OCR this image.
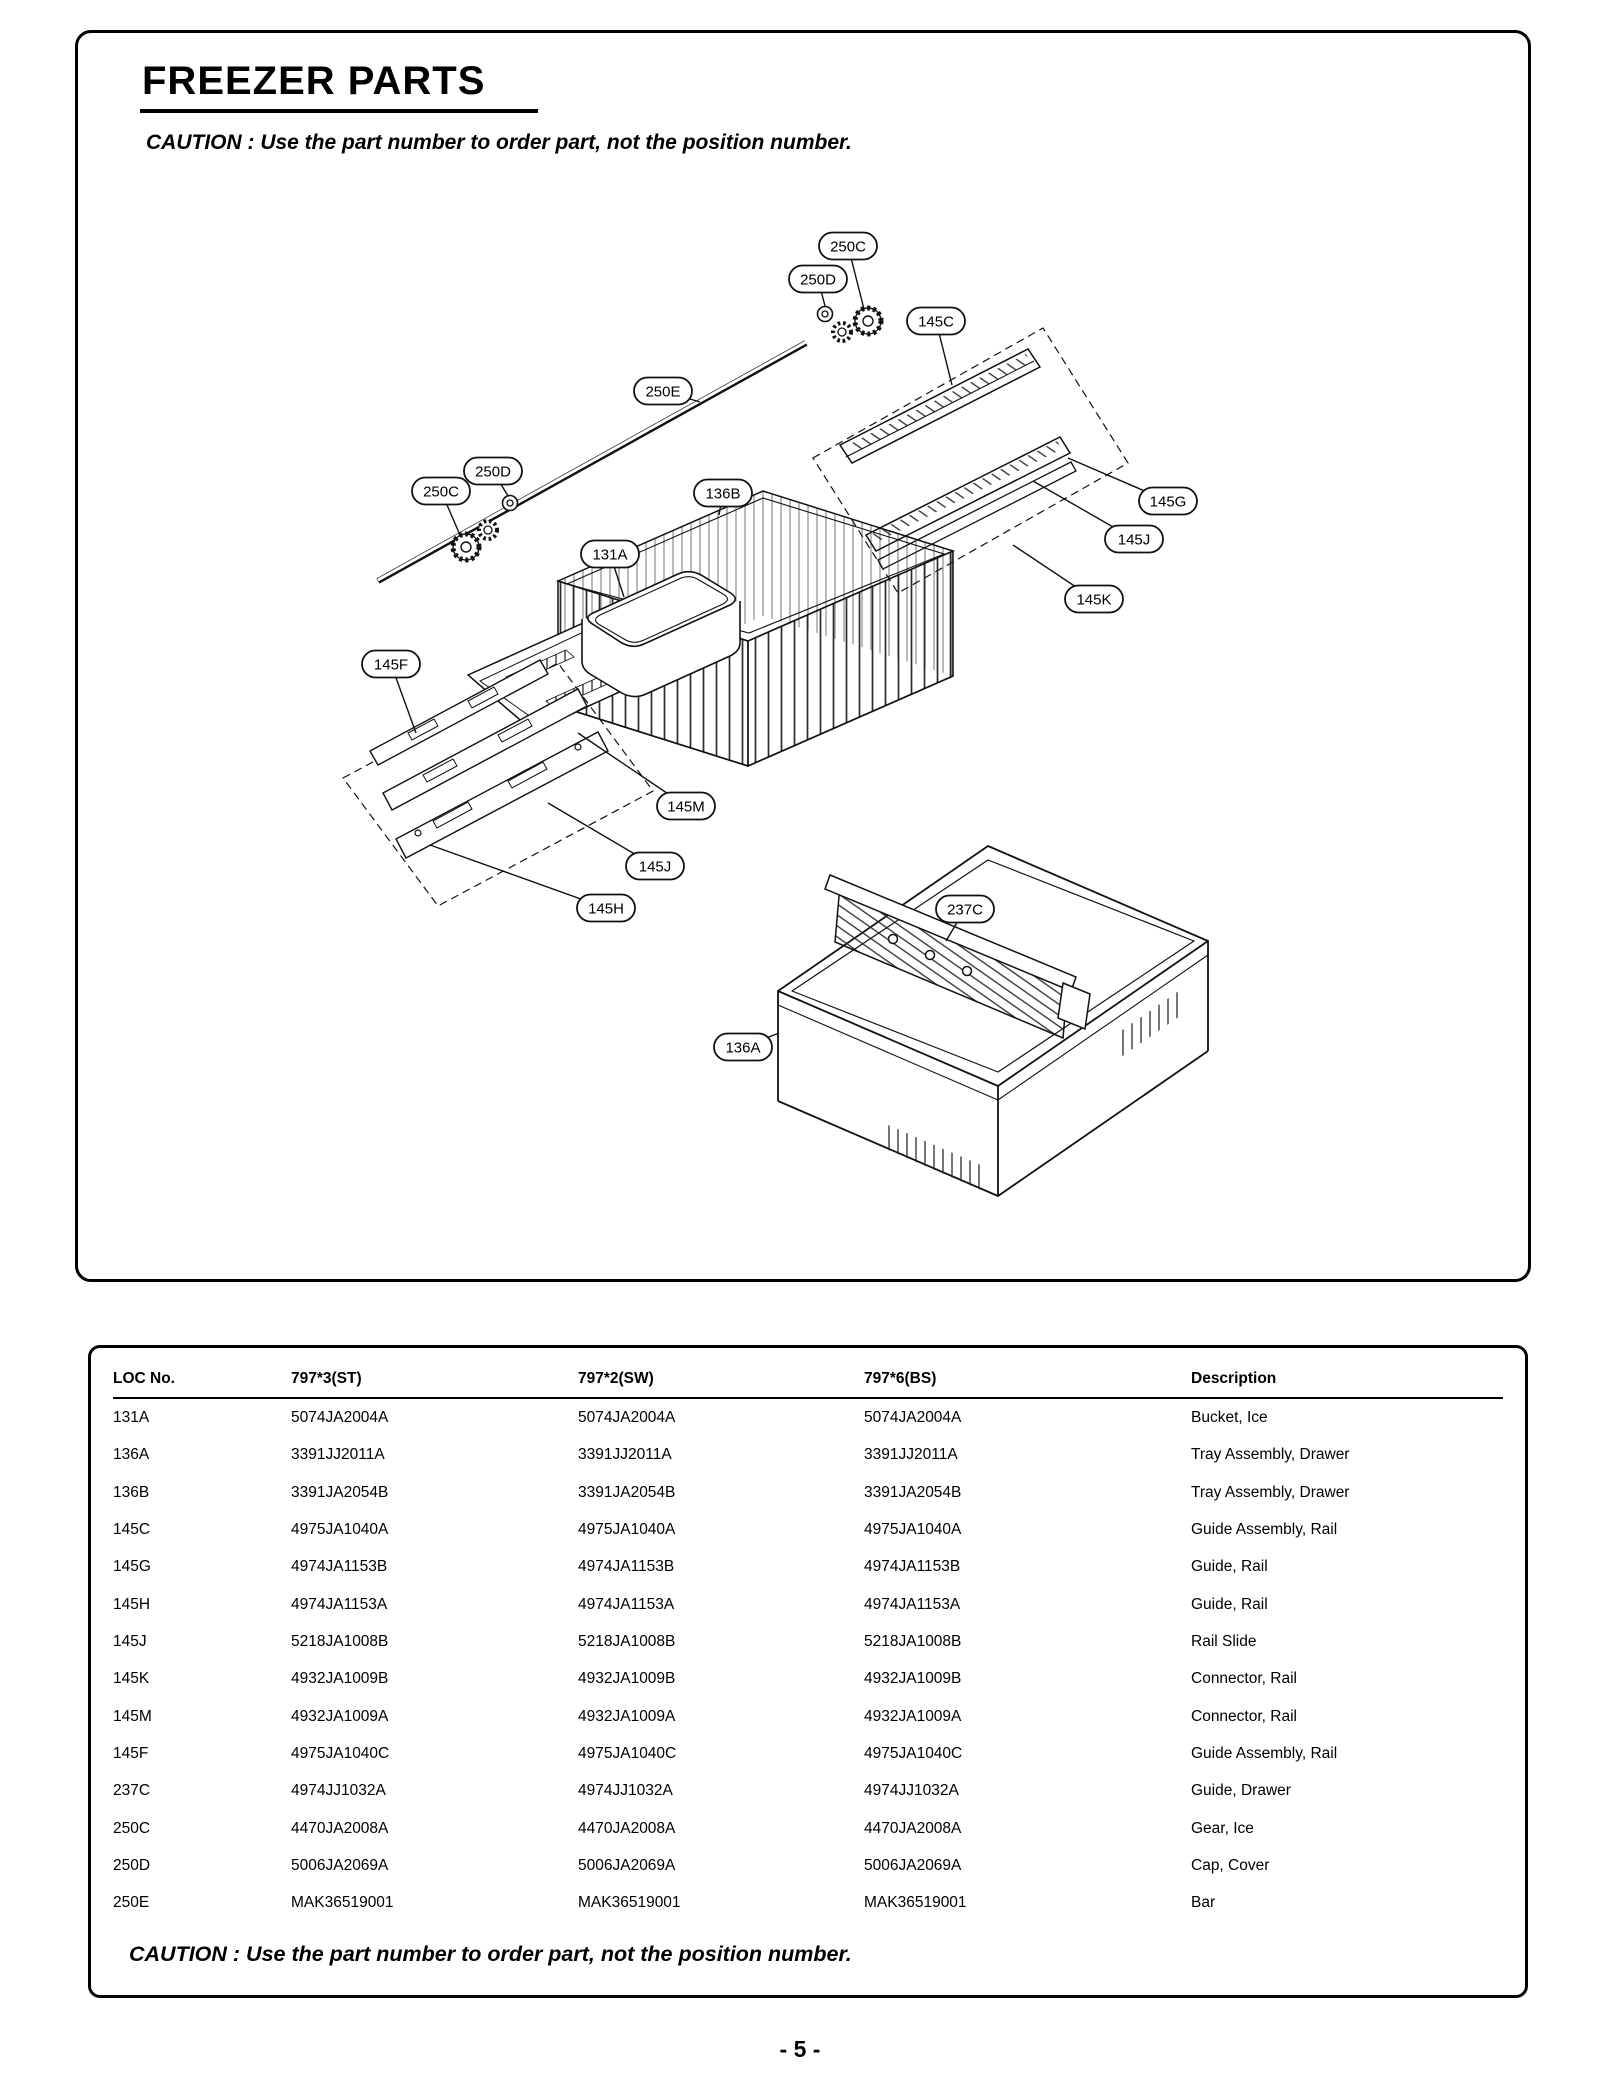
FREEZER PARTS

CAUTION : Use the part number to order part, not the position number.

250C
250D
145C
250E
250D
250C	136B
131A
145G
145J
145K
145F
145M
145J
145H	237C
136A
LOC No.	797*3(ST)	797*2(SW)	797*6(BS)	Description
131A	5074JA2004A	5074JA2004A	5074JA2004A	Bucket, Ice
136A	3391JJ2011A	3391JJ2011A	3391JJ2011A	Tray Assembly, Drawer
136B	3391JA2054B	3391JA2054B	3391JA2054B	Tray Assembly, Drawer
145C	4975JA1040A	4975JA1040A	4975JA1040A	Guide Assembly, Rail
145G	4974JA1153B	4974JA1153B	4974JA1153B	Guide, Rail
145H	4974JA1153A	4974JA1153A	4974JA1153A	Guide, Rail
145J	5218JA1008B	5218JA1008B	5218JA1008B	Rail Slide
145K	4932JA1009B	4932JA1009B	4932JA1009B	Connector, Rail
145M	4932JA1009A	4932JA1009A	4932JA1009A	Connector, Rail
145F	4975JA1040C	4975JA1040C	4975JA1040C	Guide Assembly, Rail
237C	4974JJ1032A	4974JJ1032A	4974JJ1032A	Guide, Drawer
250C	4470JA2008A	4470JA2008A	4470JA2008A	Gear, Ice
250D	5006JA2069A	5006JA2069A	5006JA2069A	Cap, Cover
250E	MAK36519001	MAK36519001	MAK36519001	Bar

CAUTION : Use the part number to order part, not the position number.

- 5 -
